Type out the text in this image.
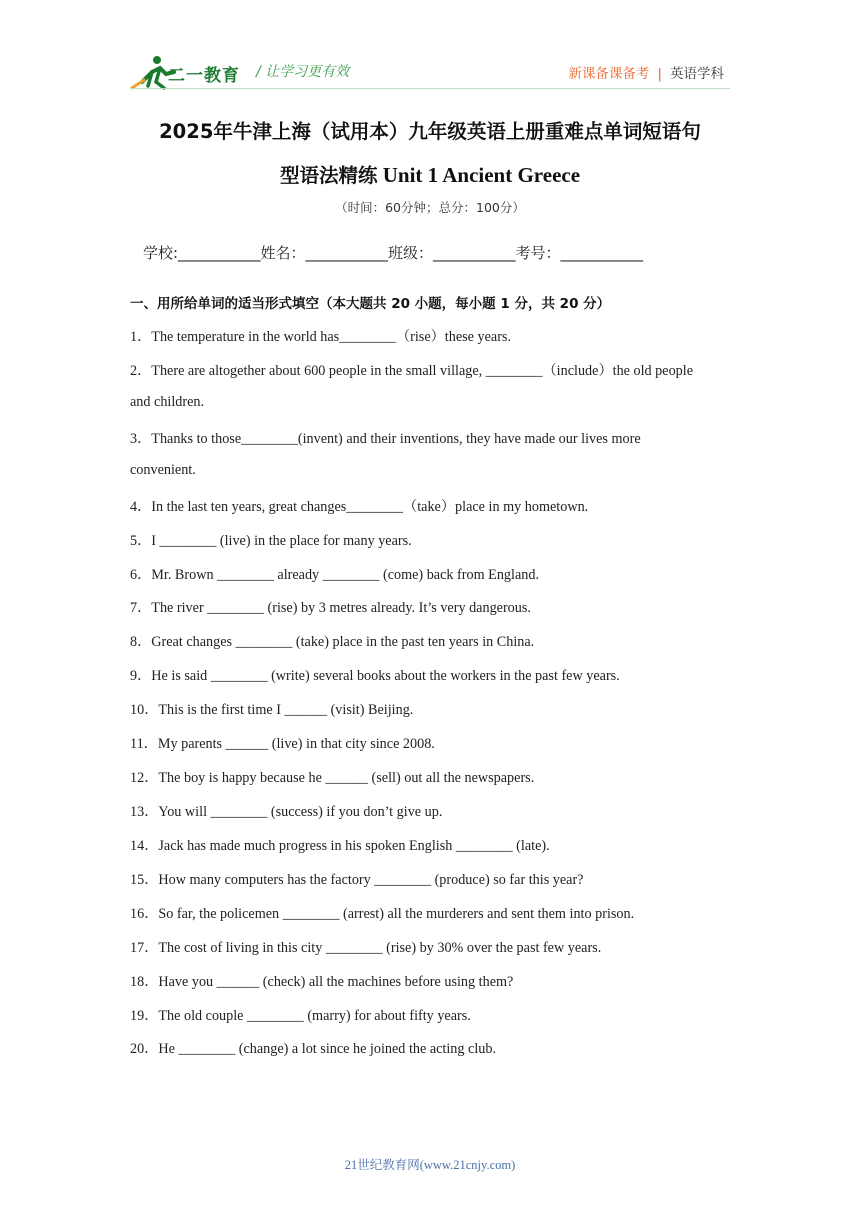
二一教育 / 让学习更有效	新课备课备考 | 英语学科
2025年牛津上海（试用本）九年级英语上册重难点单词短语句
型语法精练 Unit 1 Ancient Greece
（时间：60分钟；总分：100分）
学校:___________姓名：___________班级：___________考号：___________
一、用所给单词的适当形式填空（本大题共 20 小题，每小题 1 分，共 20 分）
1．The temperature in the world has________（rise）these years.
2．There are altogether about 600 people in the small village, ________（include）the old people
and children.
3．Thanks to those________(invent) and their inventions, they have made our lives more
convenient.
4．In the last ten years, great changes________（take）place in my hometown.
5．I ________ (live) in the place for many years.
6．Mr. Brown ________ already ________ (come) back from England.
7．The river ________ (rise) by 3 metres already. It’s very dangerous.
8．Great changes ________ (take) place in the past ten years in China.
9．He is said ________ (write) several books about the workers in the past few years.
10．This is the first time I ______ (visit) Beijing.
11．My parents ______ (live) in that city since 2008.
12．The boy is happy because he ______ (sell) out all the newspapers.
13．You will ________ (success) if you don’t give up.
14．Jack has made much progress in his spoken English ________ (late).
15．How many computers has the factory ________ (produce) so far this year?
16．So far, the policemen ________ (arrest) all the murderers and sent them into prison.
17．The cost of living in this city ________ (rise) by 30% over the past few years.
18．Have you ______ (check) all the machines before using them?
19．The old couple ________ (marry) for about fifty years.
20．He ________ (change) a lot since he joined the acting club.
21世纪教育网(www.21cnjy.com)
